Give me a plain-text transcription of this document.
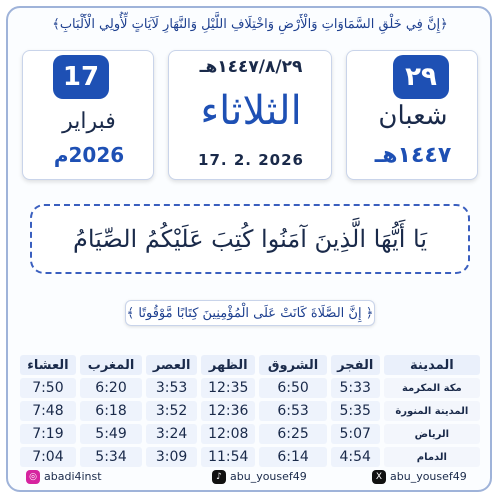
﴿إِنَّ فِي خَلْقِ السَّمَاوَاتِ وَالْأَرْضِ وَاخْتِلَافِ اللَّيْلِ وَالنَّهَارِ لَآيَاتٍ لِّأُولِي الْأَلْبَابِ﴾
17
فبراير
2026م
١٤٤٧/٨/٢٩هـ
الثلاثاء
17. 2. 2026
٢٩
شعبان
١٤٤٧هـ
يَا أَيُّهَا الَّذِينَ آمَنُوا كُتِبَ عَلَيْكُمُ الصِّيَامُ
﴿ إِنَّ الصَّلَاةَ كَانَتْ عَلَى الْمُؤْمِنِينَ كِتَابًا مَّوْقُوتًا ﴾
المدينة	الفجر	الشروق	الظهر	العصر	المغرب	العشاء
مكة المكرمة	5:33	6:50	12:35	3:53	6:20	7:50
المدينة المنورة	5:35	6:53	12:36	3:52	6:18	7:48
الرياض	5:07	6:25	12:08	3:24	5:49	7:19
الدمام	4:54	6:14	11:54	3:09	5:34	7:04
◎ abadi4inst	♪ abu_yousef49	X abu_yousef49
